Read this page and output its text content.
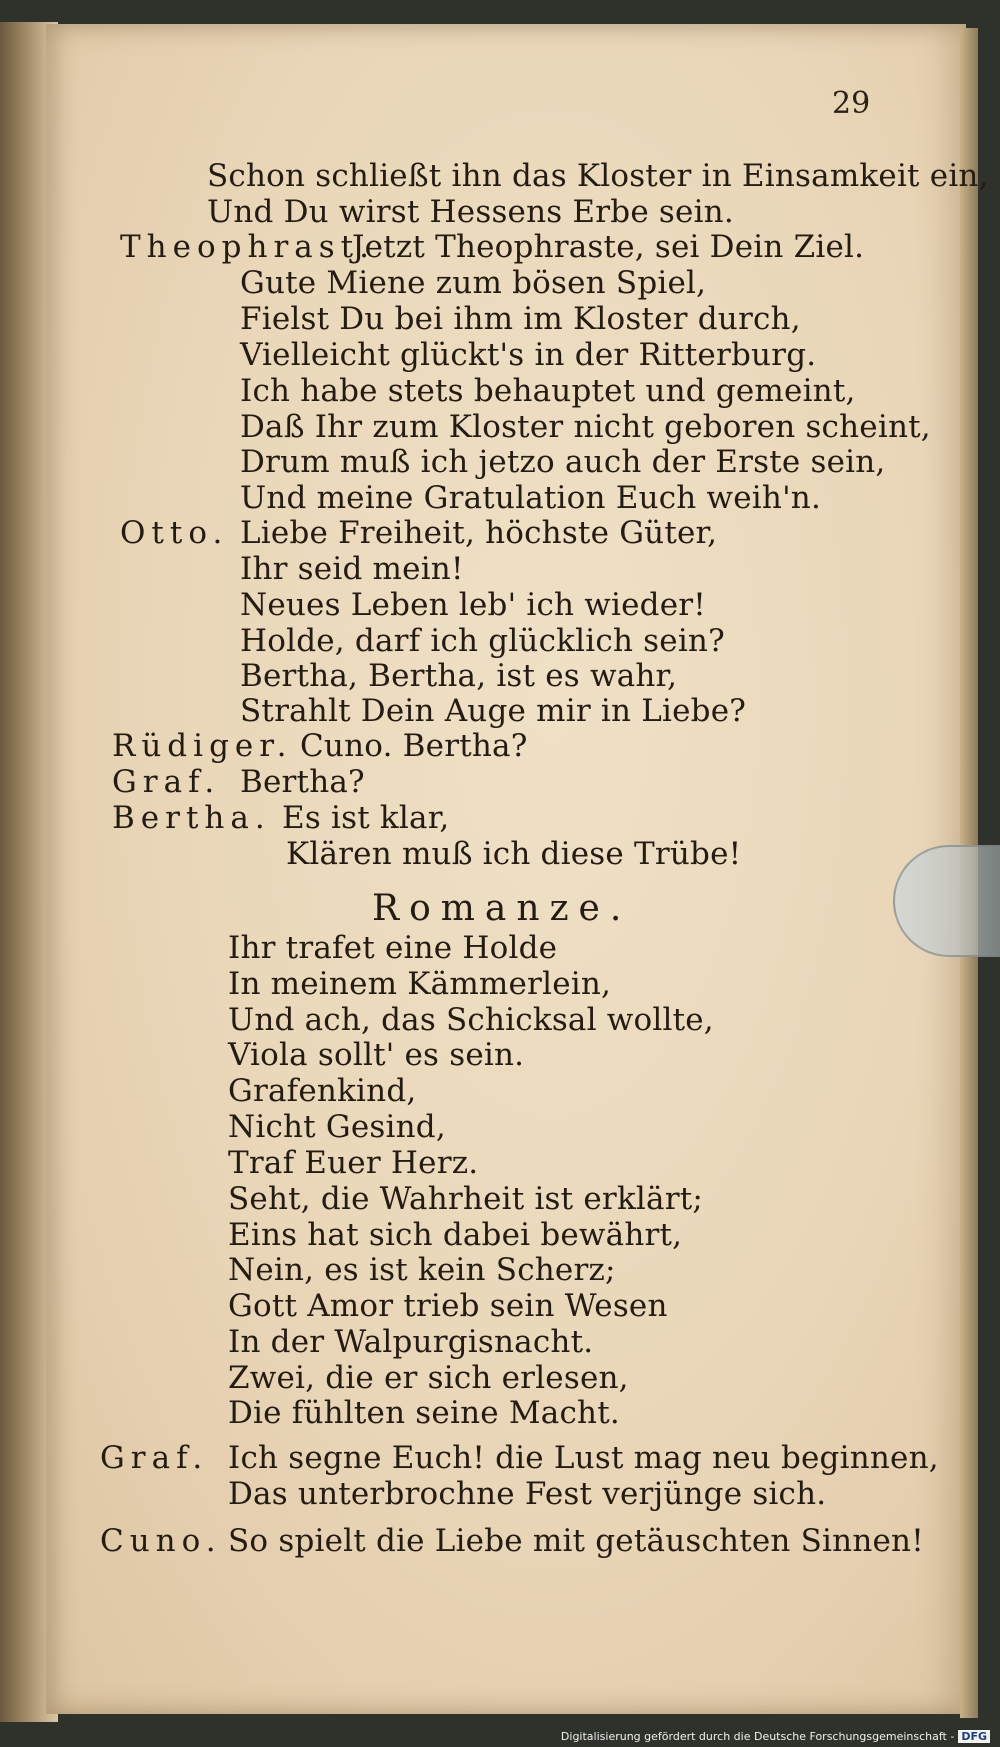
29
Schon schließt ihn das Kloster in Einsamkeit ein,
Und Du wirst Hessens Erbe sein.
Theophrast.
Jetzt Theophraste, sei Dein Ziel.
Gute Miene zum bösen Spiel,
Fielst Du bei ihm im Kloster durch,
Vielleicht glückt's in der Ritterburg.
Ich habe stets behauptet und gemeint,
Daß Ihr zum Kloster nicht geboren scheint,
Drum muß ich jetzo auch der Erste sein,
Und meine Gratulation Euch weih'n.
Otto. Liebe Freiheit, höchste Güter,
Ihr seid mein!
Neues Leben leb' ich wieder!
Holde, darf ich glücklich sein?
Bertha, Bertha, ist es wahr,
Strahlt Dein Auge mir in Liebe?
Rüdiger. Cuno. Bertha?
Graf. Bertha?
Bertha. Es ist klar,
Klären muß ich diese Trübe!
Romanze.
Ihr trafet eine Holde
In meinem Kämmerlein,
Und ach, das Schicksal wollte,
Viola sollt' es sein.
Grafenkind,
Nicht Gesind,
Traf Euer Herz.
Seht, die Wahrheit ist erklärt;
Eins hat sich dabei bewährt,
Nein, es ist kein Scherz;
Gott Amor trieb sein Wesen
In der Walpurgisnacht.
Zwei, die er sich erlesen,
Die fühlten seine Macht.
Graf. Ich segne Euch! die Lust mag neu beginnen,
Das unterbrochne Fest verjünge sich.
Cuno. So spielt die Liebe mit getäuschten Sinnen!
Digitalisierung gefördert durch die Deutsche Forschungsgemeinschaft - DFG
